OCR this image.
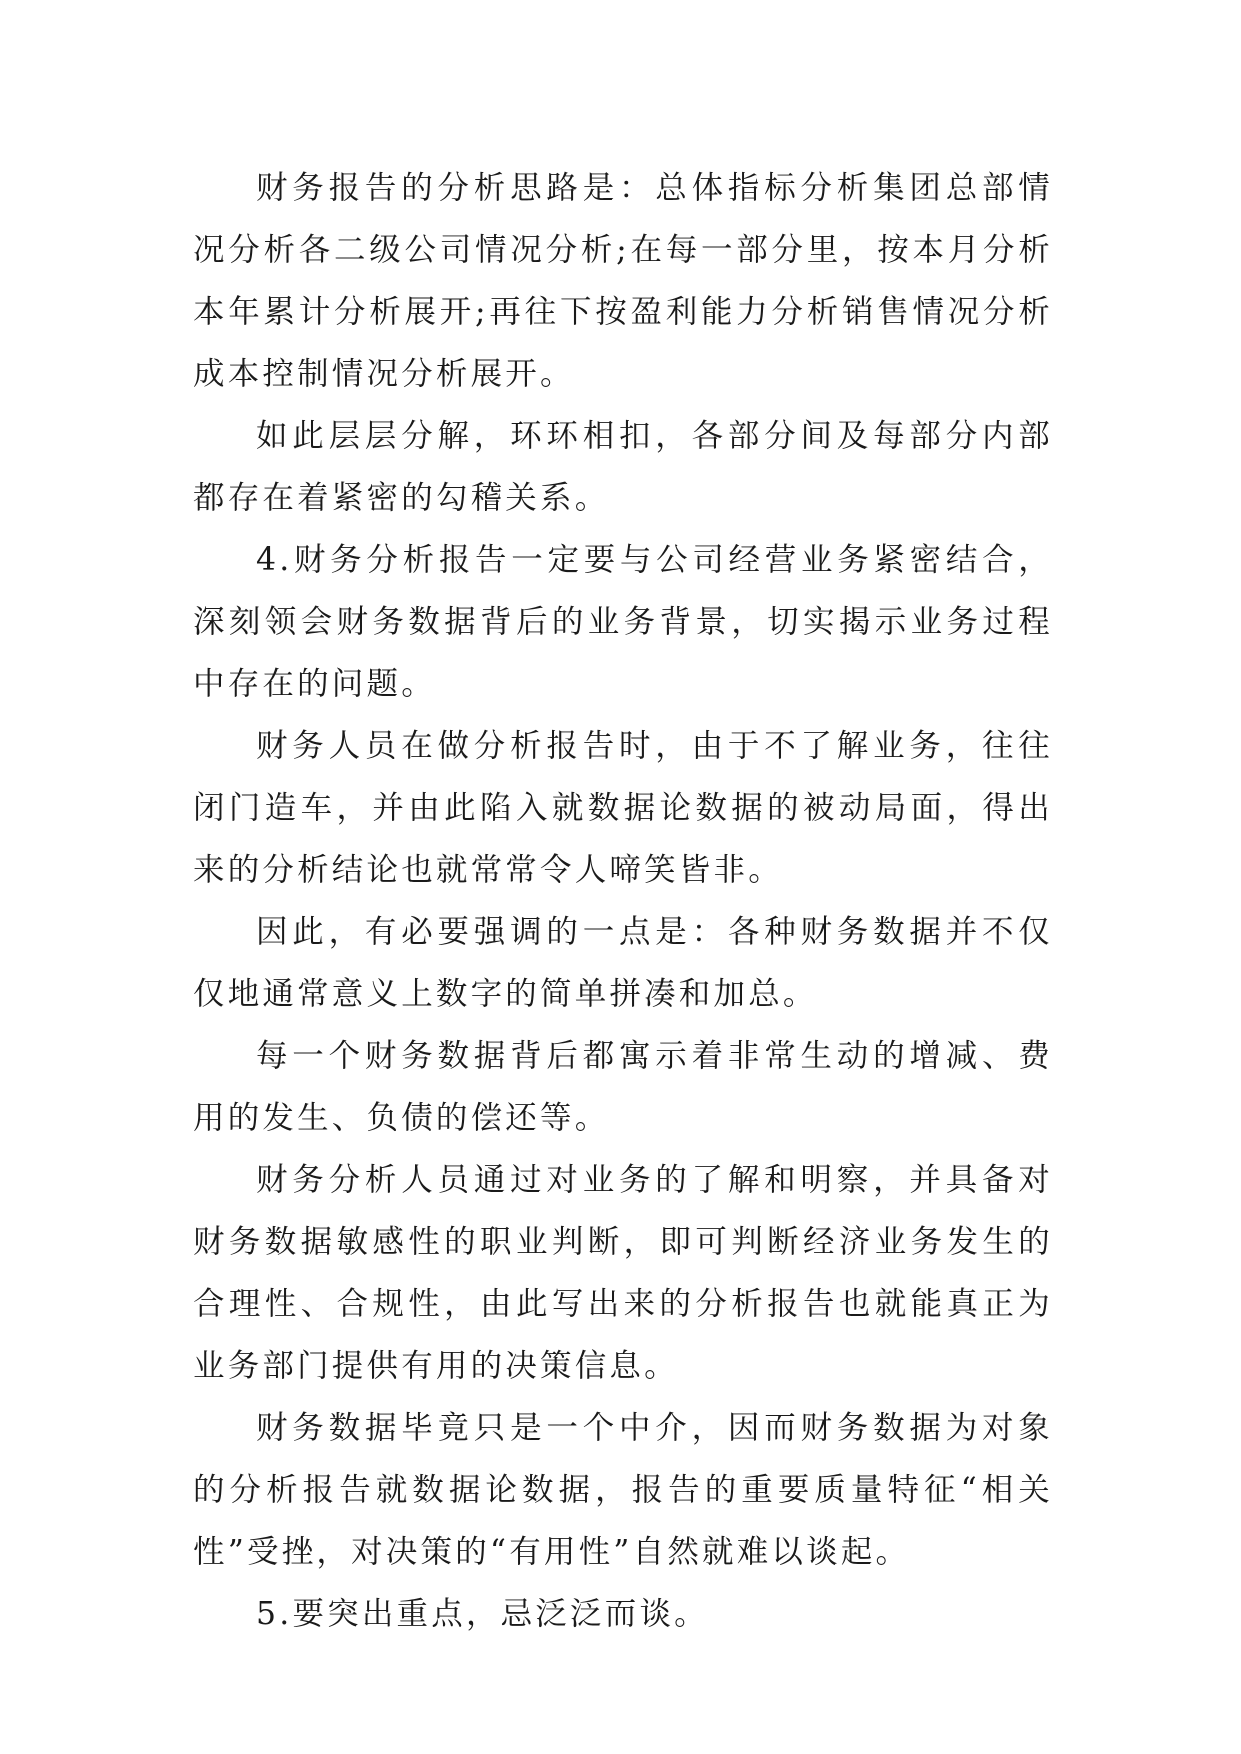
财务报告的分析思路是：总体指标分析集团总部情况分析各二级公司情况分析;在每一部分里，按本月分析本年累计分析展开;再往下按盈利能力分析销售情况分析成本控制情况分析展开。

如此层层分解，环环相扣，各部分间及每部分内部都存在着紧密的勾稽关系。

4.财务分析报告一定要与公司经营业务紧密结合，深刻领会财务数据背后的业务背景，切实揭示业务过程中存在的问题。

财务人员在做分析报告时，由于不了解业务，往往闭门造车，并由此陷入就数据论数据的被动局面，得出来的分析结论也就常常令人啼笑皆非。

因此，有必要强调的一点是：各种财务数据并不仅仅地通常意义上数字的简单拼凑和加总。

每一个财务数据背后都寓示着非常生动的增减、费用的发生、负债的偿还等。

财务分析人员通过对业务的了解和明察，并具备对财务数据敏感性的职业判断，即可判断经济业务发生的合理性、合规性，由此写出来的分析报告也就能真正为业务部门提供有用的决策信息。

财务数据毕竟只是一个中介，因而财务数据为对象的分析报告就数据论数据，报告的重要质量特征“相关性”受挫，对决策的“有用性”自然就难以谈起。

5.要突出重点，忌泛泛而谈。
